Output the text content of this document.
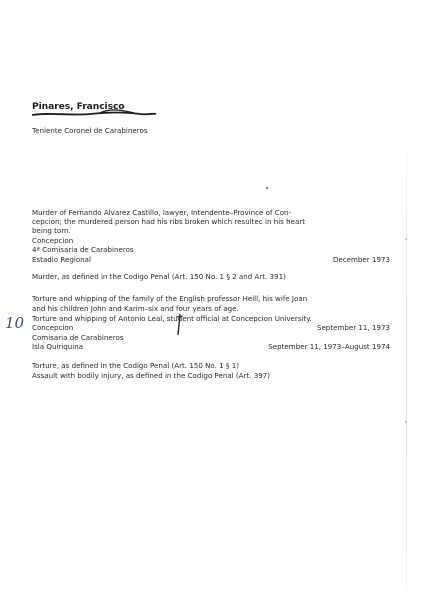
Pinares, Francisco
Teniente Coronel de Carabineros
Murder of Fernando Alvarez Castillo, lawyer, Intendente–Province of Con-
cepcion; the murdered person had his ribs broken which resultec in his heart
being torn.
Concepcion
4ª Comisaria de Carabineros
Estadio Regional	December 1973
Murder, as defined in the Codigo Penal (Art. 150 No. 1 § 2 and Art. 391)
Torture and whipping of the family of the English professor Heill, his wife Joan
and his children John and Karim–six and four years of age.
Torture and whipping of Antonio Leal, student official at Concepcion University.
Concepcion	September 11, 1973
Comisaria de Carabineros
Isla Quiriquina	September 11, 1973–August 1974
Torture, as defined in the Codigo Penal (Art. 150 No. 1 § 1)
Assault with bodily injury, as defined in the Codigo Penal (Art. 397)
10
